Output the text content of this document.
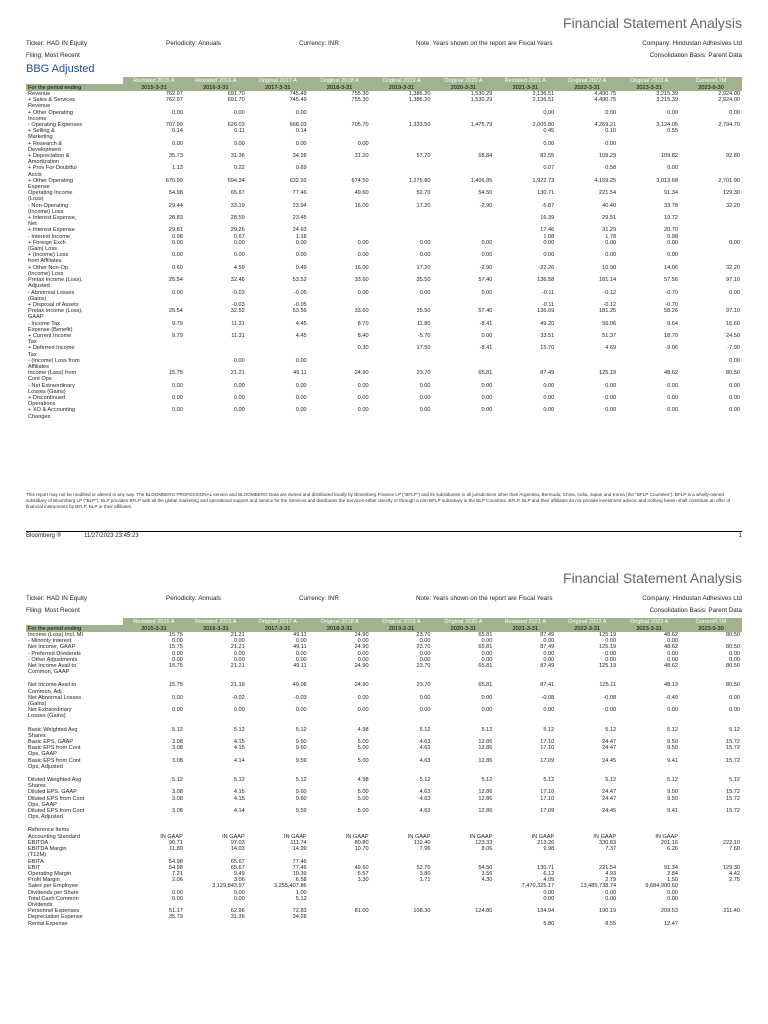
Financial Statement Analysis
Ticker: HAD IN Equity	Periodicity: Annuals	Currency: INR	Note: Years shown on the report are Fiscal Years	Company: Hindustan Adhesives Ltd
Filing: Most Recent	Consolidation Basis: Parent Data
BBG Adjusted
	Restated 2015 A	Restated 2016 A	Original 2017 A	Original 2018 A	Original 2019 A	Original 2020 A	Restated 2021 A	Original 2022 A	Original 2023 A	Current/LTM
For the period ending	2015-3-31	2016-3-31	2017-3-31	2018-3-31	2019-3-31	2020-3-31	2021-3-31	2022-3-31	2023-3-31	2023-9-30
Revenue	762.97	691.70	745.49	755.30	1,386.20	1,530.29	2,136.51	4,490.75	3,215.39	2,924.00
+ Sales & Services	762.97	691.70	745.49	755.30	1,386.20	1,530.29	2,136.51	4,490.75	3,215.39	2,924.00
Revenue										
+ Other Operating	0.00	0.00	0.00				0.00	0.00	0.00	0.00
Income										
- Operating Expenses	707.99	626.03	668.03	705.70	1,333.50	1,475.79	2,005.80	4,269.21	3,124.05	2,794.70
+ Selling &	0.14	0.11	0.14				0.45	0.10	0.55	
Marketing										
+ Research &	0.00	0.00	0.00	0.00			0.00	0.00		
Development										
+ Depreciation &	35.73	31.36	34.28	31.20	57.70	68.84	82.55	109.29	109.82	92.80
Amortization										
+ Prov For Doubtful	1.13	0.22	0.69				0.07	0.58	0.00	
Accts										
+ Other Operating	670.99	594.34	632.92	674.50	1,275.80	1,406.95	1,922.73	4,159.25	3,013.68	2,701.90
Expense										
Operating Income	54.98	65.67	77.46	49.60	52.70	54.50	130.71	221.54	91.34	129.30
(Loss)										
- Non-Operating	29.44	33.19	23.94	16.00	17.20	-2.90	-5.87	40.40	33.78	32.20
(Income) Loss										
+ Interest Expense,	28.83	28.59	23.45				16.39	29.51	19.72	
Net										
+ Interest Expense	29.81	29.26	24.63				17.46	31.29	20.70	
- Interest Income	0.98	0.67	1.18				1.08	1.78	0.98	
+ Foreign Exch	0.00	0.00	0.00	0.00	0.00	0.00	0.00	0.00	0.00	0.00
(Gain) Loss										
+ (Income) Loss	0.00	0.00	0.00	0.00	0.00	0.00	0.00	0.00	0.00	
from Affiliates										
+ Other Non-Op	0.60	4.59	0.49	16.00	17.20	-2.90	-22.26	10.90	14.06	32.20
(Income) Loss										
Pretax Income (Loss),	25.54	32.48	53.52	33.60	35.50	57.40	136.58	181.14	57.56	97.10
Adjusted										
- Abnormal Losses	0.00	-0.03	-0.05	0.00	0.00	0.00	-0.11	-0.12	-0.70	0.00
(Gains)										
+ Disposal of Assets		-0.03	-0.05				-0.11	-0.12	-0.70	
Pretax Income (Loss),	25.54	32.52	53.56	33.60	35.50	57.40	136.69	181.25	58.26	97.10
GAAP										
- Income Tax	9.79	11.31	4.45	8.70	11.80	-8.41	49.20	56.06	9.64	16.60
Expense (Benefit)										
+ Current Income	9.79	11.31	4.45	8.40	-5.70	0.00	33.51	51.37	18.70	24.50
Tax										
+ Deferred Income				0.30	17.50	-8.41	15.70	4.69	-9.06	-7.90
Tax										
- (Income) Loss from		0.00	0.00							0.00
Affiliates										
Income (Loss) from	15.75	21.21	49.11	24.90	23.70	65.81	87.49	125.19	48.62	80.50
Cont Ops										
- Net Extraordinary	0.00	0.00	0.00	0.00	0.00	0.00	0.00	0.00	0.00	0.00
Losses (Gains)										
+ Discontinued	0.00	0.00	0.00	0.00	0.00	0.00	0.00	0.00	0.00	0.00
Operations										
+ XO & Accounting	0.00	0.00	0.00	0.00	0.00	0.00	0.00	0.00	0.00	0.00
Changes										
This report may not be modified or altered in any way. The BLOOMBERG PROFESSIONAL service and BLOOMBERG Data are owned and distributed locally by Bloomberg Finance LP ("BFLP") and its subsidiaries in all jurisdictions other than Argentina, Bermuda, China, India, Japan and Korea (the "BFLP Countries"). BFLP is a wholly-owned subsidiary of Bloomberg LP ("BLP"). BLP provides BFLP with all the global marketing and operational support and service for the Services and distributes the Services either directly or through a non-BFLP subsidiary in the BLP Countries. BFLP, BLP and their affiliates do not provide investment advice, and nothing herein shall constitute an offer of financial instruments by BFLP, BLP or their affiliates.
Bloomberg ®	11/27/2023 23:45:23	1
Financial Statement Analysis
Ticker: HAD IN Equity	Periodicity: Annuals	Currency: INR	Note: Years shown on the report are Fiscal Years	Company: Hindustan Adhesives Ltd
Filing: Most Recent	Consolidation Basis: Parent Data
	Restated 2015 A	Restated 2016 A	Original 2017 A	Original 2018 A	Original 2019 A	Original 2020 A	Restated 2021 A	Original 2022 A	Original 2023 A	Current/LTM
For the period ending	2015-3-31	2016-3-31	2017-3-31	2018-3-31	2019-3-31	2020-3-31	2021-3-31	2022-3-31	2023-3-31	2023-9-30
Income (Loss) Incl. MI	15.75	21.21	49.11	24.90	23.70	65.81	87.49	125.19	48.62	80.50
- Minority Interest	0.00	0.00	0.00	0.00	0.00	0.00	0.00	0.00	0.00	
Net Income, GAAP	15.75	21.21	49.11	24.90	23.70	65.81	87.49	125.19	48.62	80.50
- Preferred Dividends	0.00	0.00	0.00	0.00	0.00	0.00	0.00	0.00	0.00	0.00
- Other Adjustments	0.00	0.00	0.00	0.00	0.00	0.00	0.00	0.00	0.00	0.00
Net Income Avail to	15.75	21.21	49.11	24.90	23.70	65.81	87.49	125.19	48.62	80.50
Common, GAAP										

Net Income Avail to	15.75	21.19	49.08	24.90	23.70	65.81	87.41	125.11	48.13	80.50
Common, Adj										
Net Abnormal Losses	0.00	-0.02	-0.03	0.00	0.00	0.00	-0.08	-0.08	-0.49	0.00
(Gains)										
Net Extraordinary	0.00	0.00	0.00	0.00	0.00	0.00	0.00	0.00	0.00	0.00
Losses (Gains)										

Basic Weighted Avg	5.12	5.12	5.12	4.98	5.12	5.12	5.12	5.12	5.12	5.12
Shares										
Basic EPS, GAAP	3.08	4.15	9.60	5.00	4.63	12.86	17.10	24.47	9.50	15.72
Basic EPS from Cont	3.08	4.15	9.60	5.00	4.63	12.86	17.10	24.47	9.50	15.72
Ops, GAAP										
Basic EPS from Cont	3.08	4.14	9.59	5.00	4.63	12.86	17.09	24.45	9.41	15.72
Ops, Adjusted										

Diluted Weighted Avg	5.12	5.12	5.12	4.98	5.12	5.12	5.12	5.12	5.12	5.12
Shares										
Diluted EPS, GAAP	3.08	4.15	9.60	5.00	4.63	12.86	17.10	24.47	9.50	15.72
Diluted EPS from Cont	3.08	4.15	9.60	5.00	4.63	12.86	17.10	24.47	9.50	15.72
Ops, GAAP										
Diluted EPS from Cont	3.08	4.14	9.59	5.00	4.63	12.86	17.09	24.45	9.41	15.72
Ops, Adjusted										

Reference Items										
Accounting Standard	IN GAAP	IN GAAP	IN GAAP	IN GAAP	IN GAAP	IN GAAP	IN GAAP	IN GAAP	IN GAAP	
EBITDA	90.71	97.03	111.74	80.80	110.40	123.33	213.26	330.83	201.16	222.10
EBITDA Margin	11.89	14.03	14.99	10.70	7.96	8.06	9.98	7.37	6.26	7.60
(T12M)										
EBITA	54.98	65.67	77.46							
EBIT	54.98	65.67	77.46	49.60	52.70	54.50	130.71	221.54	91.34	129.30
Operating Margin	7.21	9.49	10.39	6.57	3.80	3.56	6.12	4.93	2.84	4.42
Profit Margin	2.06	3.06	6.58	3.30	1.71	4.30	4.09	2.79	1.50	2.75
Sales per Employee		3,129,843.97	3,255,407.86				7,470,325.17	13,485,738.74	9,684,900.60	
Dividends per Share	0.00	0.00	1.00				0.00	0.00	0.00	
Total Cash Common	0.00	0.00	5.12				0.00	0.00	0.00	
Dividends										
Personnel Expenses	51.17	62.96	72.83	81.00	108.30	124.80	134.94	190.19	209.53	211.40
Depreciation Expense	35.73	31.36	34.28							
Rental Expense							5.80	8.55	12.47	
